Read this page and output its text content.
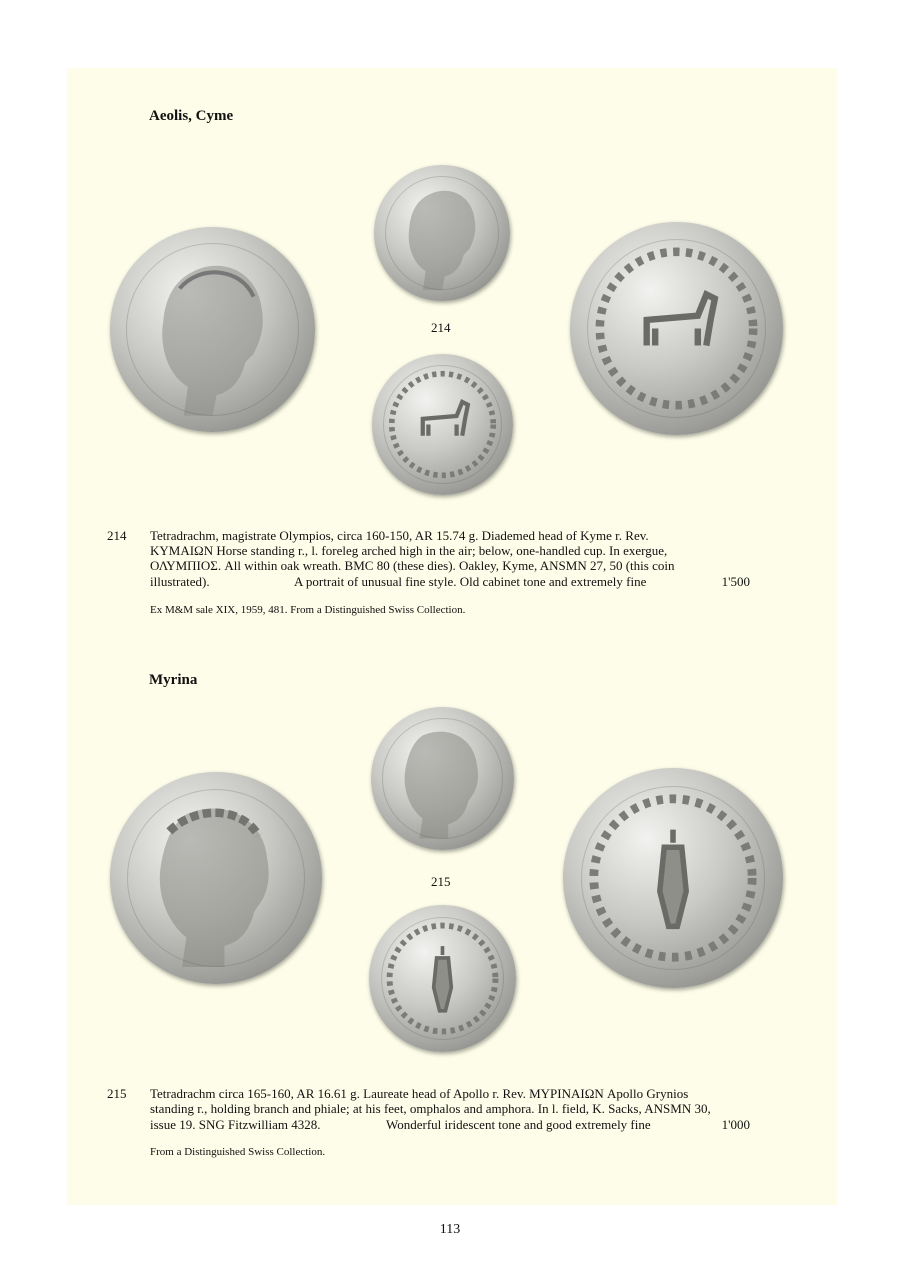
Aeolis, Cyme
214
214 Tetradrachm, magistrate Olympios, circa 160-150, AR 15.74 g. Diademed head of Kyme r. Rev.
ΚΥΜΑΙΩΝ Horse standing r., l. foreleg arched high in the air; below, one-handled cup. In exergue,
ΟΛΥΜΠΙΟΣ. All within oak wreath. BMC 80 (these dies). Oakley, Kyme, ANSMN 27, 50 (this coin
illustrated).	A portrait of unusual fine style. Old cabinet tone and extremely fine	1'500
Ex M&M sale XIX, 1959, 481. From a Distinguished Swiss Collection.
Myrina
215
215 Tetradrachm circa 165-160, AR 16.61 g. Laureate head of Apollo r. Rev. ΜΥΡΙΝΑΙΩΝ Apollo Grynios
standing r., holding branch and phiale; at his feet, omphalos and amphora. In l. field, K. Sacks, ANSMN 30,
issue 19. SNG Fitzwilliam 4328.	Wonderful iridescent tone and good extremely fine	1'000
From a Distinguished Swiss Collection.
113
